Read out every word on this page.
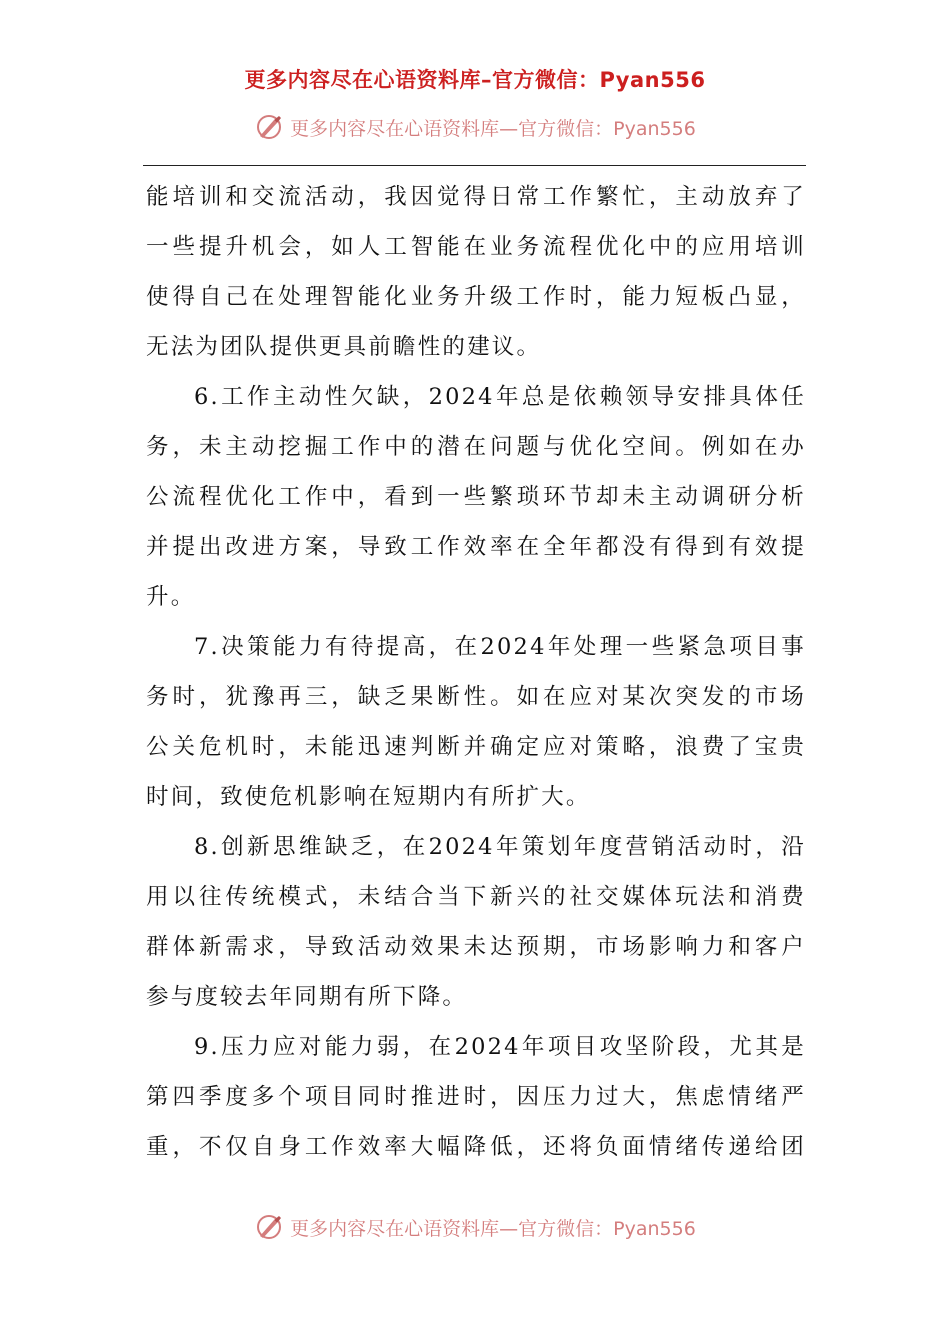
更多内容尽在心语资料库–官方微信：Pyan556
更多内容尽在心语资料库—官方微信：Pyan556

能培训和交流活动，我因觉得日常工作繁忙，主动放弃了
一些提升机会，如人工智能在业务流程优化中的应用培训
使得自己在处理智能化业务升级工作时，能力短板凸显，
无法为团队提供更具前瞻性的建议。

6.工作主动性欠缺，2024年总是依赖领导安排具体任
务，未主动挖掘工作中的潜在问题与优化空间。例如在办
公流程优化工作中，看到一些繁琐环节却未主动调研分析
并提出改进方案，导致工作效率在全年都没有得到有效提
升。

7.决策能力有待提高，在2024年处理一些紧急项目事
务时，犹豫再三，缺乏果断性。如在应对某次突发的市场
公关危机时，未能迅速判断并确定应对策略，浪费了宝贵
时间，致使危机影响在短期内有所扩大。

8.创新思维缺乏，在2024年策划年度营销活动时，沿
用以往传统模式，未结合当下新兴的社交媒体玩法和消费
群体新需求，导致活动效果未达预期，市场影响力和客户
参与度较去年同期有所下降。

9.压力应对能力弱，在2024年项目攻坚阶段，尤其是
第四季度多个项目同时推进时，因压力过大，焦虑情绪严
重，不仅自身工作效率大幅降低，还将负面情绪传递给团

更多内容尽在心语资料库—官方微信：Pyan556
